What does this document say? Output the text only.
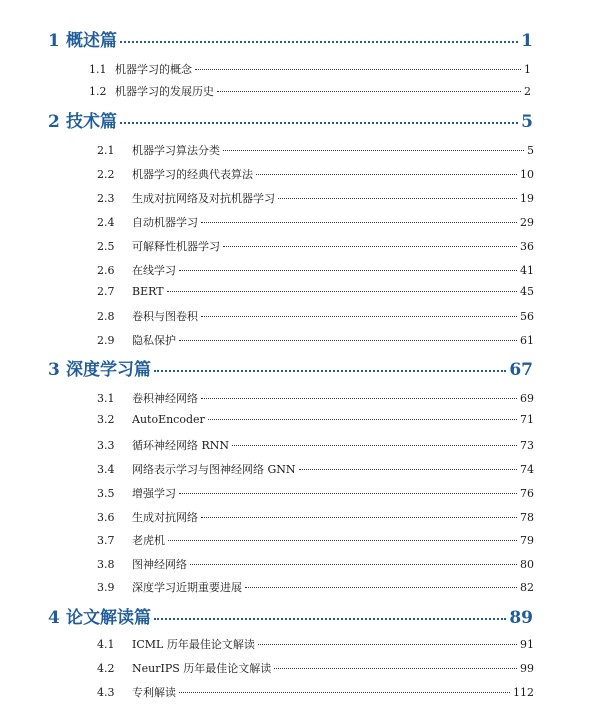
1 概述篇	1
1.1 机器学习的概念	1
1.2 机器学习的发展历史	2
2 技术篇	5
2.1	机器学习算法分类	5
2.2	机器学习的经典代表算法	10
2.3	生成对抗网络及对抗机器学习	19
2.4	自动机器学习	29
2.5	可解释性机器学习	36
2.6	在线学习	41
2.7	BERT	45
2.8	卷积与图卷积	56
2.9	隐私保护	61
3 深度学习篇	67
3.1	卷积神经网络	69
3.2	AutoEncoder	71
3.3	循环神经网络 RNN	73
3.4	网络表示学习与图神经网络 GNN	74
3.5	增强学习	76
3.6	生成对抗网络	78
3.7	老虎机	79
3.8	图神经网络	80
3.9	深度学习近期重要进展	82
4 论文解读篇	89
4.1	ICML 历年最佳论文解读	91
4.2	NeurIPS 历年最佳论文解读	99
4.3	专利解读	112
